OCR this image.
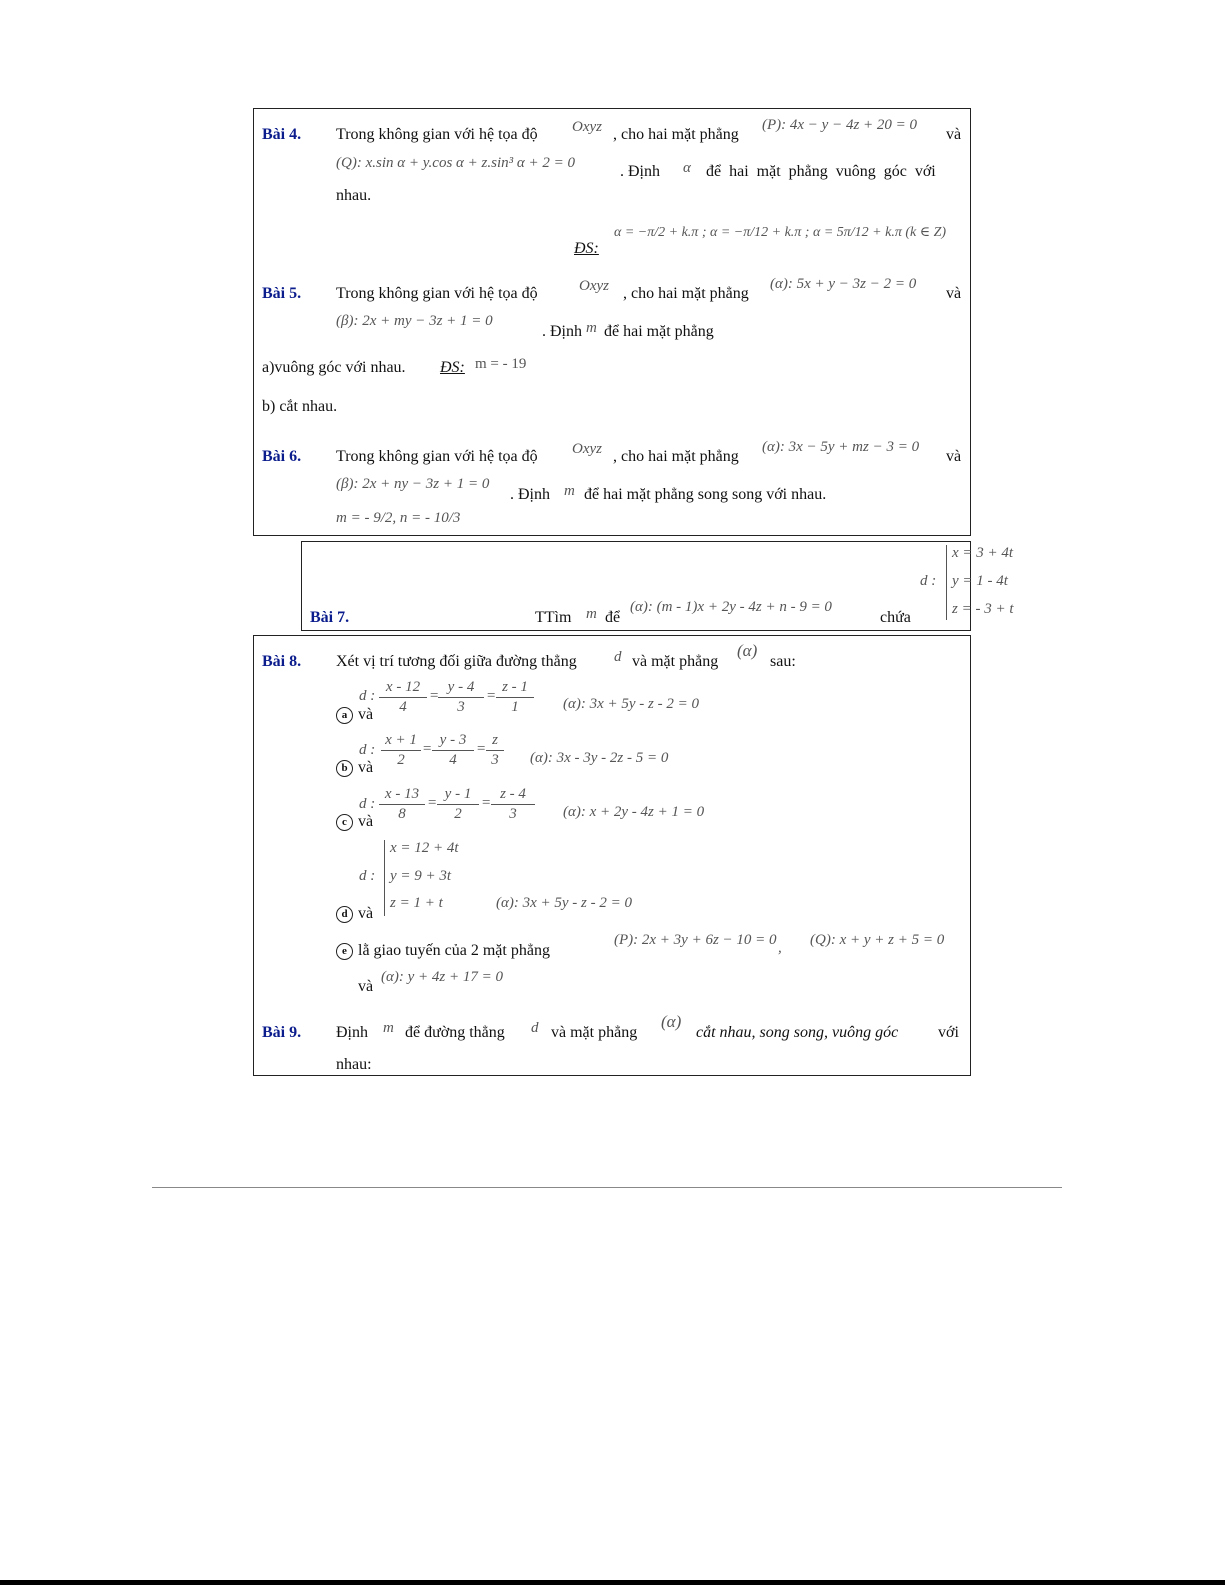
Bài 4. Trong không gian với hệ tọa độ Oxyz , cho hai mặt phẳng
(P): 4x − y − 4z + 20 = 0
và
(Q): x.sin α + y.cos α + z.sin³ α + 2 = 0	. Định α để hai mặt phẳng vuông góc với
nhau.
ĐS:
α = −π/2 + k.π ; α = −π/12 + k.π ; α = 5π/12 + k.π (k ∈ Z)
Bài 5. Trong không gian với hệ tọa độ	Oxyz , cho hai mặt phẳng
(α): 5x + y − 3z − 2 = 0
và
(β): 2x + my − 3z + 1 = 0
. Định m để hai mặt phẳng
a)vuông góc với nhau. ĐS: m = - 19
b) cắt nhau.
Bài 6. Trong không gian với hệ tọa độ Oxyz , cho hai mặt phẳng
(α): 3x − 5y + mz − 3 = 0
và
(β): 2x + ny − 3z + 1 = 0
. Định m để hai mặt phẳng song song với nhau.
m = - 9/2, n = - 10/3
Bài 7.	TTìm m để
(α): (m - 1)x + 2y - 4z + n - 9 = 0
chứa
d :
x = 3 + 4t
y = 1 - 4t
z = - 3 + t
Bài 8. Xét vị trí tương đối giữa đường thẳng d và mặt phẳng
(α)
sau:
d :
a và $\frac{x - 12}{4}$ =
$\frac{y - 4}{3} = \frac{z - 1}{1} (\alpha)$: 3x + 5y - z - 2 = 0
d :
b và $\frac{x + 1}{2} = \frac{y - 3}{4} = \frac{z}{3} (\alpha)$: 3x - 3y - 2z - 5 = 0
d :
c và $\frac{x - 13}{8} = \frac{y - 1}{2} = \frac{z - 4}{3} (\alpha)$: x + 2y - 4z + 1 = 0
d :
x = 12 + 4t
y = 9 + 3t
z = 1 + t
d và
(α): 3x + 5y - z - 2 = 0
e lằ giao tuyến của 2 mặt phẳng
(P): 2x + 3y + 6z − 10 = 0 , (Q): x + y + z + 5 = 0
và
(α): y + 4z + 17 = 0
Bài 9. Định m để đường thẳng d và mặt phẳng
(α)
cắt nhau, song song, vuông góc với
nhau:
